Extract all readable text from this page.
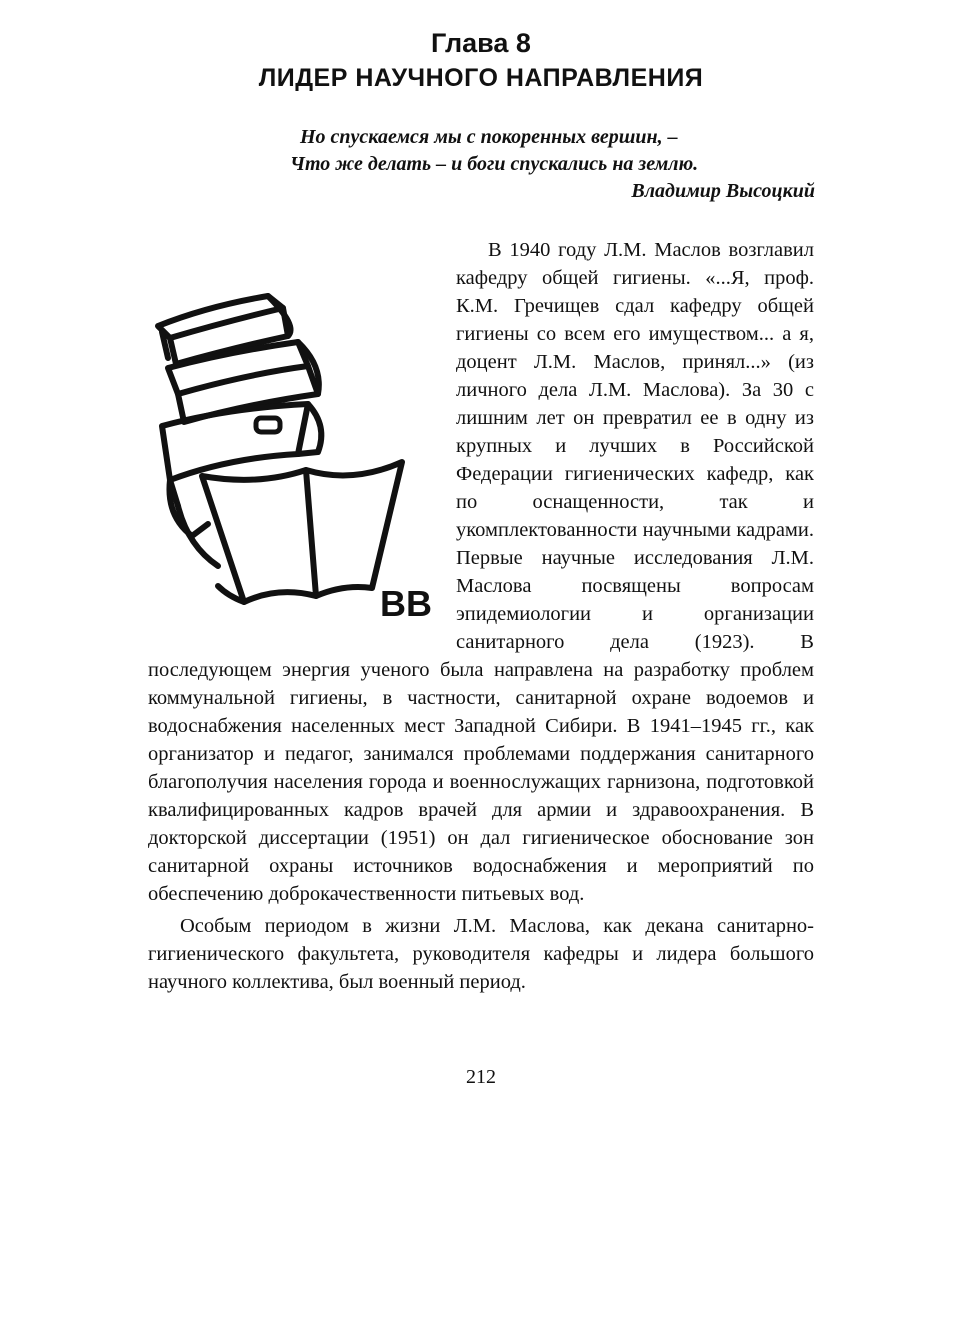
Глава 8
ЛИДЕР НАУЧНОГО НАПРАВЛЕНИЯ
Но спускаемся мы с покоренных вершин, –
Что же делать – и боги спускались на землю.
Владимир Высоцкий
ВВ

В 1940 году Л.М. Маслов возглавил кафедру общей гигиены. «...Я, проф. К.М. Гречищев сдал кафедру общей гигиены со всем его имуществом... а я, доцент Л.М. Маслов, принял...» (из личного дела Л.М. Маслова). За 30 с лишним лет он превратил ее в одну из крупных и лучших в Российской Федерации гигиенических кафедр, как по оснащенности, так и укомплектованности научными кадрами. Первые научные исследования Л.М. Маслова посвящены вопросам эпидемиологии и организации санитарного дела (1923). В последующем энергия ученого была направлена на разработку проблем коммунальной гигиены, в частности, санитарной охране водоемов и водоснабжения населенных мест Западной Сибири. В 1941–1945 гг., как организатор и педагог, занимался проблемами поддержания санитарного благополучия населения города и военнослужащих гарнизона, подготовкой квалифицированных кадров врачей для армии и здравоохранения. В докторской диссертации (1951) он дал гигиеническое обоснование зон санитарной охраны источников водоснабжения и мероприятий по обеспечению доброкачественности питьевых вод.

Особым периодом в жизни Л.М. Маслова, как декана санитарно-гигиенического факультета, руководителя кафедры и лидера большого научного коллектива, был военный период.

212
